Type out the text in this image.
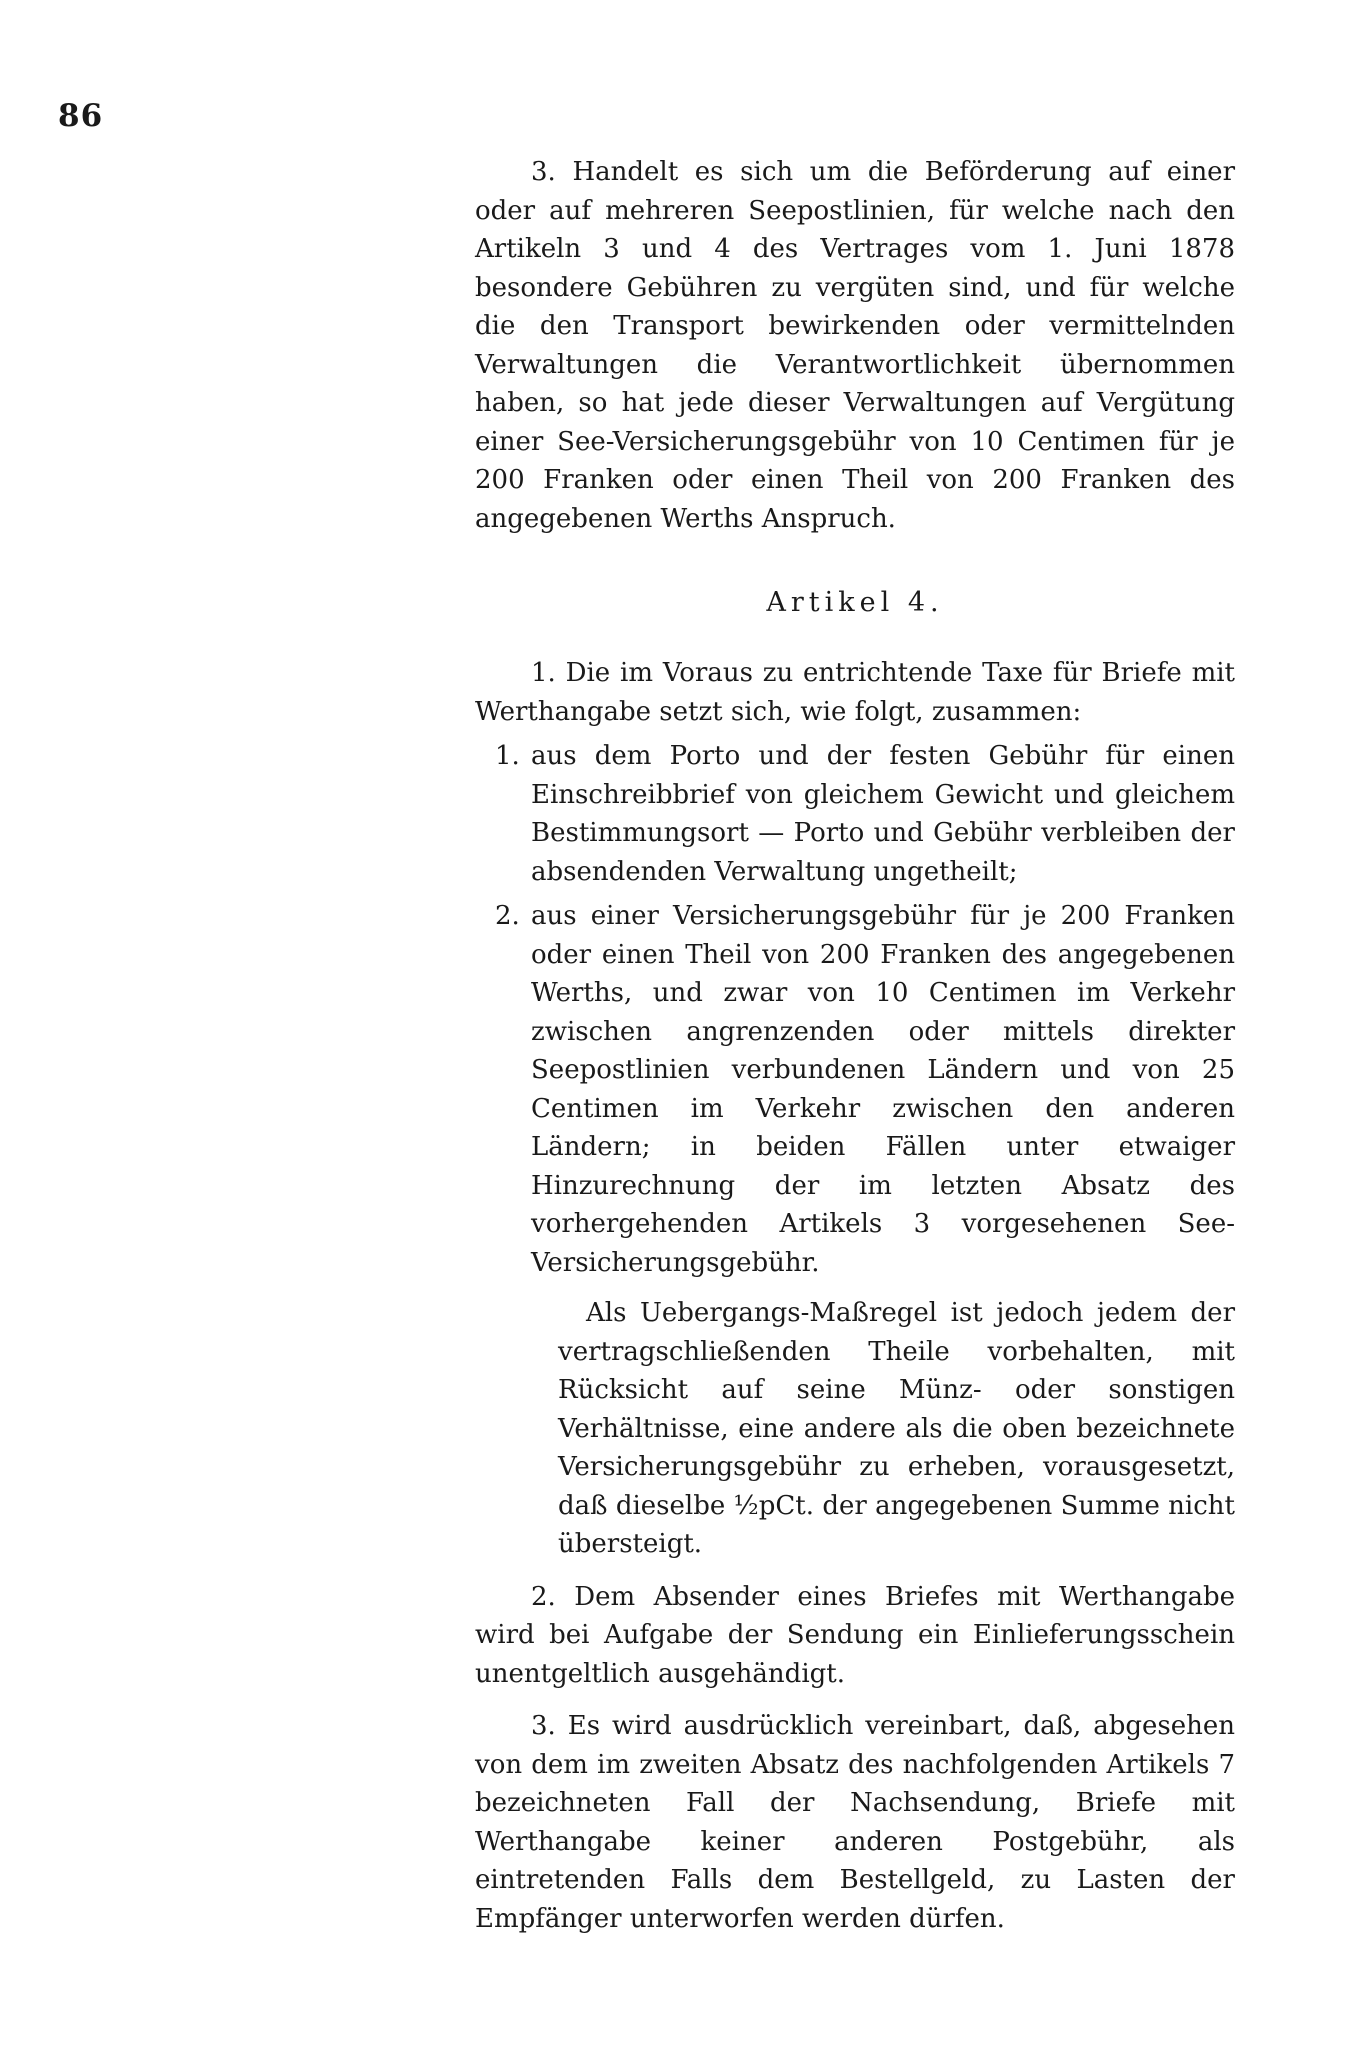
86

3. Handelt es sich um die Beförderung auf einer oder auf mehreren Seepostlinien, für welche nach den Artikeln 3 und 4 des Vertrages vom 1. Juni 1878 besondere Gebühren zu vergüten sind, und für welche die den Transport bewirkenden oder vermittelnden Verwaltungen die Verantwortlichkeit übernommen haben, so hat jede dieser Verwaltungen auf Vergütung einer See-Versicherungsgebühr von 10 Centimen für je 200 Franken oder einen Theil von 200 Franken des angegebenen Werths Anspruch.

Artikel 4.

1. Die im Voraus zu entrichtende Taxe für Briefe mit Werthangabe setzt sich, wie folgt, zusammen:

1. aus dem Porto und der festen Gebühr für einen Einschreibbrief von gleichem Gewicht und gleichem Bestimmungsort — Porto und Gebühr verbleiben der absendenden Verwaltung ungetheilt;
2. aus einer Versicherungsgebühr für je 200 Franken oder einen Theil von 200 Franken des angegebenen Werths, und zwar von 10 Centimen im Verkehr zwischen angrenzenden oder mittels direkter Seepostlinien verbundenen Ländern und von 25 Centimen im Verkehr zwischen den anderen Ländern; in beiden Fällen unter etwaiger Hinzurechnung der im letzten Absatz des vorhergehenden Artikels 3 vorgesehenen See-Versicherungsgebühr.

Als Uebergangs-Maßregel ist jedoch jedem der vertragschließenden Theile vorbehalten, mit Rücksicht auf seine Münz- oder sonstigen Verhältnisse, eine andere als die oben bezeichnete Versicherungsgebühr zu erheben, vorausgesetzt, daß dieselbe ½pCt. der angegebenen Summe nicht übersteigt.

2. Dem Absender eines Briefes mit Werthangabe wird bei Aufgabe der Sendung ein Einlieferungsschein unentgeltlich ausgehändigt.

3. Es wird ausdrücklich vereinbart, daß, abgesehen von dem im zweiten Absatz des nachfolgenden Artikels 7 bezeichneten Fall der Nachsendung, Briefe mit Werthangabe keiner anderen Postgebühr, als eintretenden Falls dem Bestellgeld, zu Lasten der Empfänger unterworfen werden dürfen.
